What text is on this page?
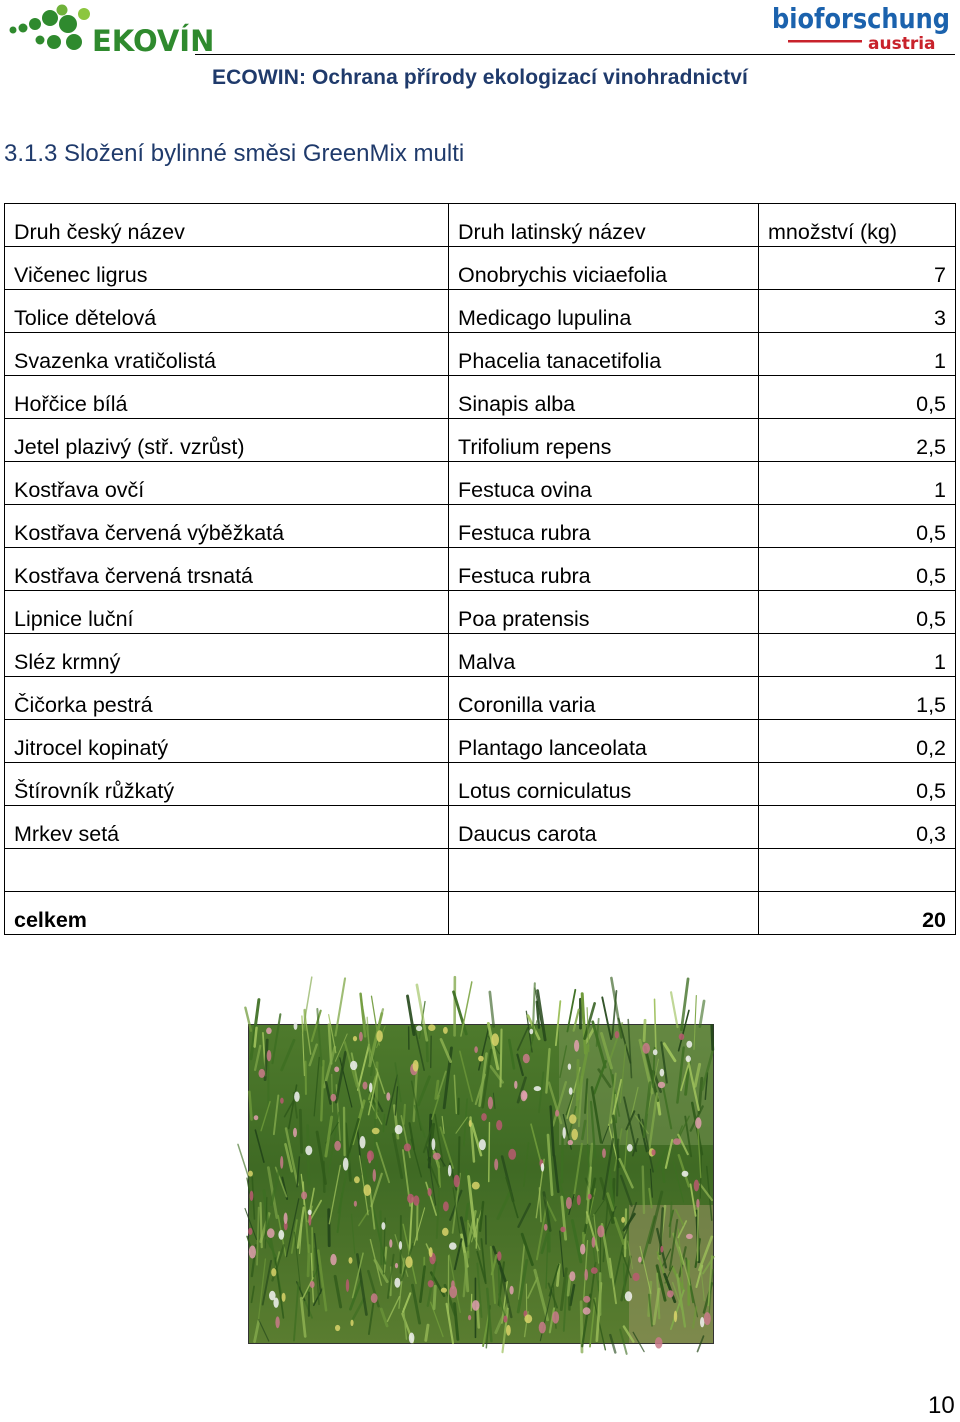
EKOVÍN
bioforschung
austria
ECOWIN: Ochrana přírody ekologizací vinohradnictví
3.1.3 Složení bylinné směsi GreenMix multi
Druh český název	Druh latinský název	množství (kg)
Vičenec ligrus	Onobrychis viciaefolia	7
Tolice dětelová	Medicago lupulina	3
Svazenka vratičolistá	Phacelia tanacetifolia	1
Hořčice bílá	Sinapis alba	0,5
Jetel plazivý (stř. vzrůst)	Trifolium repens	2,5
Kostřava ovčí	Festuca ovina	1
Kostřava červená výběžkatá	Festuca rubra	0,5
Kostřava červená trsnatá	Festuca rubra	0,5
Lipnice luční	Poa pratensis	0,5
Sléz krmný	Malva	1
Čičorka pestrá	Coronilla varia	1,5
Jitrocel kopinatý	Plantago lanceolata	0,2
Štírovník růžkatý	Lotus corniculatus	0,5
Mrkev setá	Daucus carota	0,3

celkem		20
10
